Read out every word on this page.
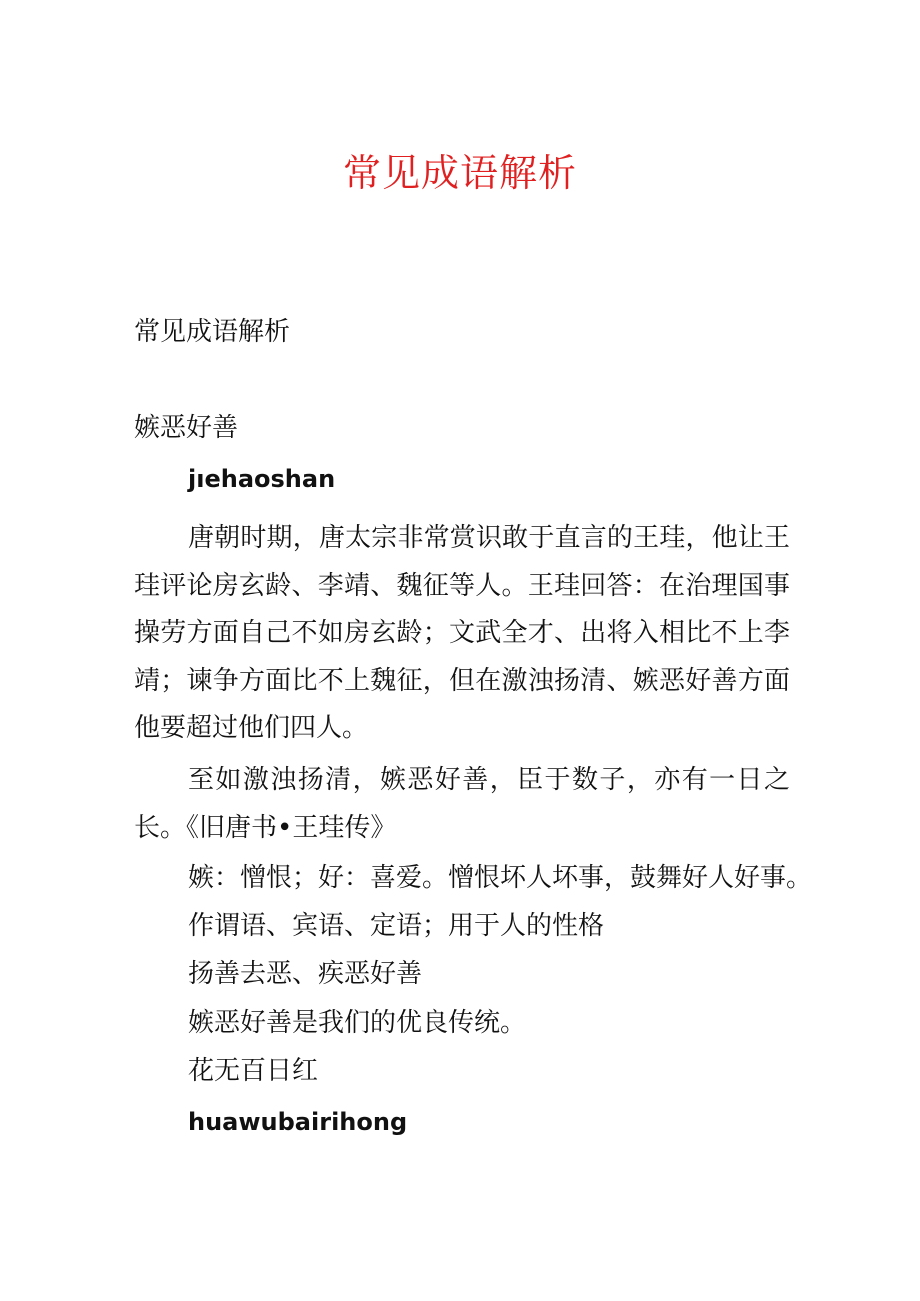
常见成语解析
常见成语解析
嫉恶好善
jıehaoshan
唐朝时期，唐太宗非常赏识敢于直言的王珪，他让王珪评论房玄龄、李靖、魏征等人。王珪回答：在治理国事操劳方面自己不如房玄龄；文武全才、出将入相比不上李靖；谏争方面比不上魏征，但在激浊扬清、嫉恶好善方面他要超过他们四人。
至如激浊扬清，嫉恶好善，臣于数子，亦有一日之长。《旧唐书•王珪传》
嫉：憎恨；好：喜爱。憎恨坏人坏事，鼓舞好人好事。
作谓语、宾语、定语；用于人的性格
扬善去恶、疾恶好善
嫉恶好善是我们的优良传统。
花无百日红
huawubairihong
